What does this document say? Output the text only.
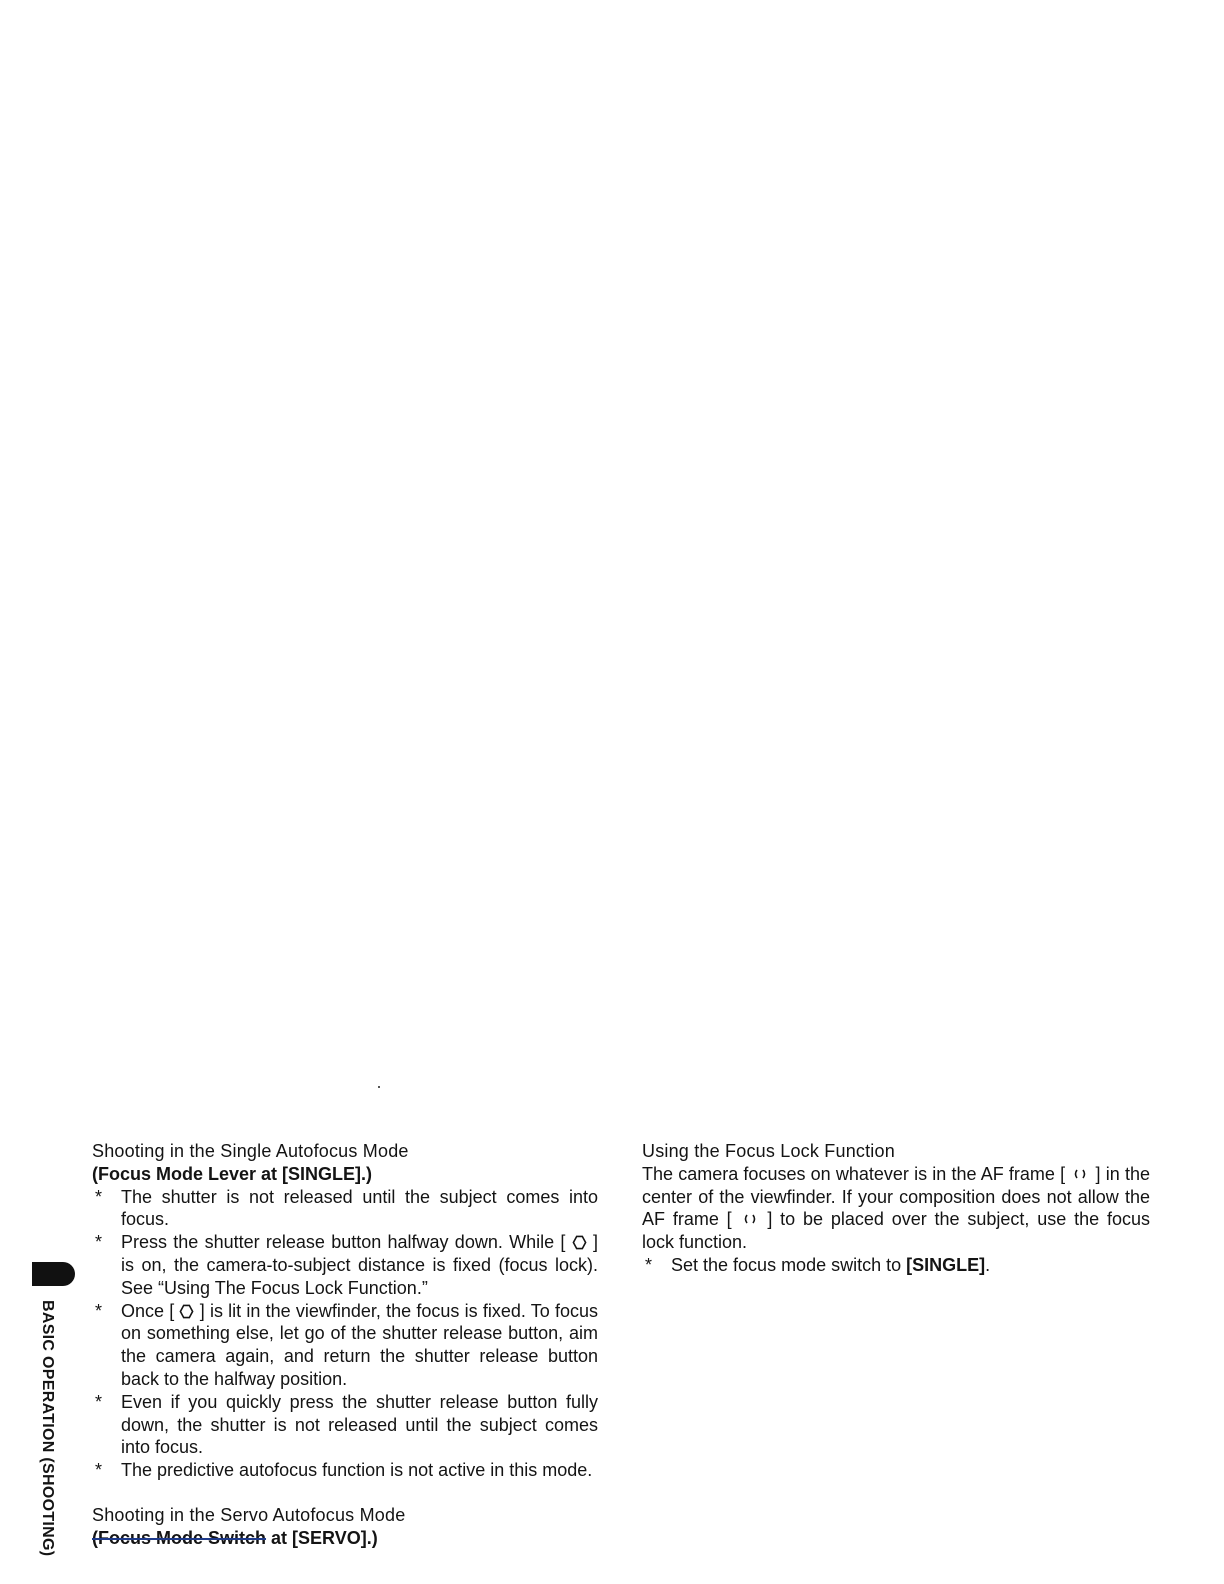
Shooting in the Single Autofocus Mode
(Focus Mode Lever at [SINGLE].)
* The shutter is not released until the subject comes into focus.
* Press the shutter release button halfway down. While [ ] is on, the camera-to-subject distance is fixed (focus lock). See “Using The Focus Lock Function.”
* Once [ ] is lit in the viewfinder, the focus is fixed. To focus on something else, let go of the shutter release button, aim the camera again, and return the shutter release button back to the halfway position.
* Even if you quickly press the shutter release button fully down, the shutter is not released until the subject comes into focus.
* The predictive autofocus function is not active in this mode.
Shooting in the Servo Autofocus Mode
(Focus Mode Switch at [SERVO].)
Using the Focus Lock Function

The camera focuses on whatever is in the AF frame [ ] in the center of the viewfinder. If your composition does not allow the AF frame [ ] to be placed over the subject, use the focus lock function.

* Set the focus mode switch to [SINGLE].
BASIC OPERATION (SHOOTING)
